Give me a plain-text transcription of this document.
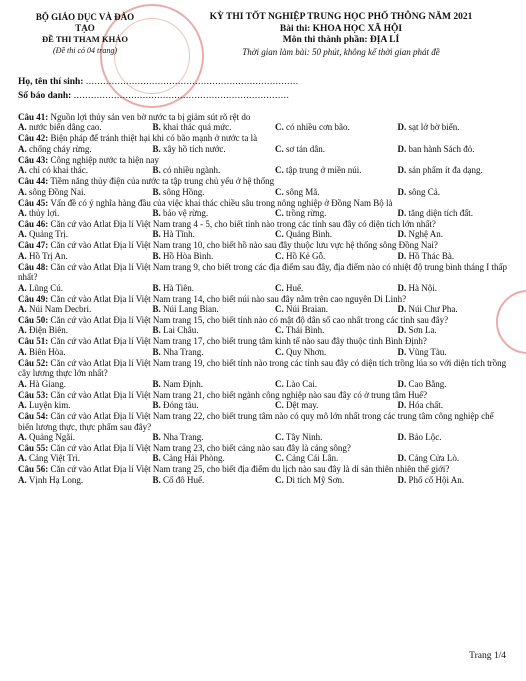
BỘ GIÁO DỤC VÀ ĐÀO TẠO
ĐỀ THI THAM KHẢO
(Đề thi có 04 trang)
KỲ THI TỐT NGHIỆP TRUNG HỌC PHỔ THÔNG NĂM 2021
Bài thi: KHOA HỌC XÃ HỘI
Môn thi thành phần: ĐỊA LÍ
Thời gian làm bài: 50 phút, không kể thời gian phát đề
Họ, tên thí sinh: ..........................................................................
Số báo danh: ...........................................................................
Câu 41: Nguồn lợi thủy sản ven bờ nước ta bị giảm sút rõ rệt do
A. nước biển dâng cao.	B. khai thác quá mức.	C. có nhiều cơn bão.	D. sạt lở bờ biển.
Câu 42: Biện pháp để tránh thiệt hại khi có bão mạnh ở nước ta là
A. chống cháy rừng.	B. xây hồ tích nước.	C. sơ tán dân.	D. ban hành Sách đỏ.
Câu 43: Công nghiệp nước ta hiện nay
A. chỉ có khai thác.	B. có nhiều ngành.	C. tập trung ở miền núi.	D. sản phẩm ít đa dạng.
Câu 44: Tiềm năng thủy điện của nước ta tập trung chủ yếu ở hệ thống
A. sông Đồng Nai.	B. sông Hồng.	C. sông Mã.	D. sông Cả.
Câu 45: Vấn đề có ý nghĩa hàng đầu của việc khai thác chiều sâu trong nông nghiệp ở Đồng Nam Bộ là
A. thủy lợi.	B. bảo vệ rừng.	C. trồng rừng.	D. tăng diện tích đất.
Câu 46: Căn cứ vào Atlat Địa lí Việt Nam trang 4 - 5, cho biết tỉnh nào trong các tỉnh sau đây có diện tích lớn nhất?
A. Quảng Trị.	B. Hà Tĩnh.	C. Quảng Bình.	D. Nghệ An.
Câu 47: Căn cứ vào Atlat Địa lí Việt Nam trang 10, cho biết hồ nào sau đây thuộc lưu vực hệ thống sông Đồng Nai?
A. Hồ Trị An.	B. Hồ Hòa Bình.	C. Hồ Kẻ Gỗ.	D. Hồ Thác Bà.
Câu 48: Căn cứ vào Atlat Địa lí Việt Nam trang 9, cho biết trong các địa điểm sau đây, địa điểm nào có nhiệt độ trung bình tháng I thấp nhất?
A. Lũng Cú.	B. Hà Tiên.	C. Huế.	D. Hà Nội.
Câu 49: Căn cứ vào Atlat Địa lí Việt Nam trang 14, cho biết núi nào sau đây nằm trên cao nguyên Di Linh?
A. Núi Nam Decbri.	B. Núi Lang Bian.	C. Núi Braian.	D. Núi Chư Pha.
Câu 50: Căn cứ vào Atlat Địa lí Việt Nam trang 15, cho biết tỉnh nào có mật độ dân số cao nhất trong các tỉnh sau đây?
A. Điện Biên.	B. Lai Châu.	C. Thái Bình.	D. Sơn La.
Câu 51: Căn cứ vào Atlat Địa lí Việt Nam trang 17, cho biết trung tâm kinh tế nào sau đây thuộc tỉnh Bình Định?
A. Biên Hòa.	B. Nha Trang.	C. Quy Nhơn.	D. Vũng Tàu.
Câu 52: Căn cứ vào Atlat Địa lí Việt Nam trang 19, cho biết tỉnh nào trong các tỉnh sau đây có diện tích trồng lúa so với diện tích trồng cây lương thực lớn nhất?
A. Hà Giang.	B. Nam Định.	C. Lào Cai.	D. Cao Bằng.
Câu 53: Căn cứ vào Atlat Địa lí Việt Nam trang 21, cho biết ngành công nghiệp nào sau đây có ở trung tâm Huế?
A. Luyện kim.	B. Đóng tàu.	C. Dệt may.	D. Hóa chất.
Câu 54: Căn cứ vào Atlat Địa lí Việt Nam trang 22, cho biết trung tâm nào có quy mô lớn nhất trong các trung tâm công nghiệp chế biến lương thực, thực phẩm sau đây?
A. Quảng Ngãi.	B. Nha Trang.	C. Tây Ninh.	D. Bảo Lộc.
Câu 55: Căn cứ vào Atlat Địa lí Việt Nam trang 23, cho biết cảng nào sau đây là cảng sông?
A. Cảng Việt Trì.	B. Cảng Hải Phòng.	C. Cảng Cái Lân.	D. Cảng Cửa Lò.
Câu 56: Căn cứ vào Atlat Địa lí Việt Nam trang 25, cho biết địa điểm du lịch nào sau đây là di sản thiên nhiên thế giới?
A. Vịnh Hạ Long.	B. Cố đô Huế.	C. Di tích Mỹ Sơn.	D. Phố cổ Hội An.
Trang 1/4
